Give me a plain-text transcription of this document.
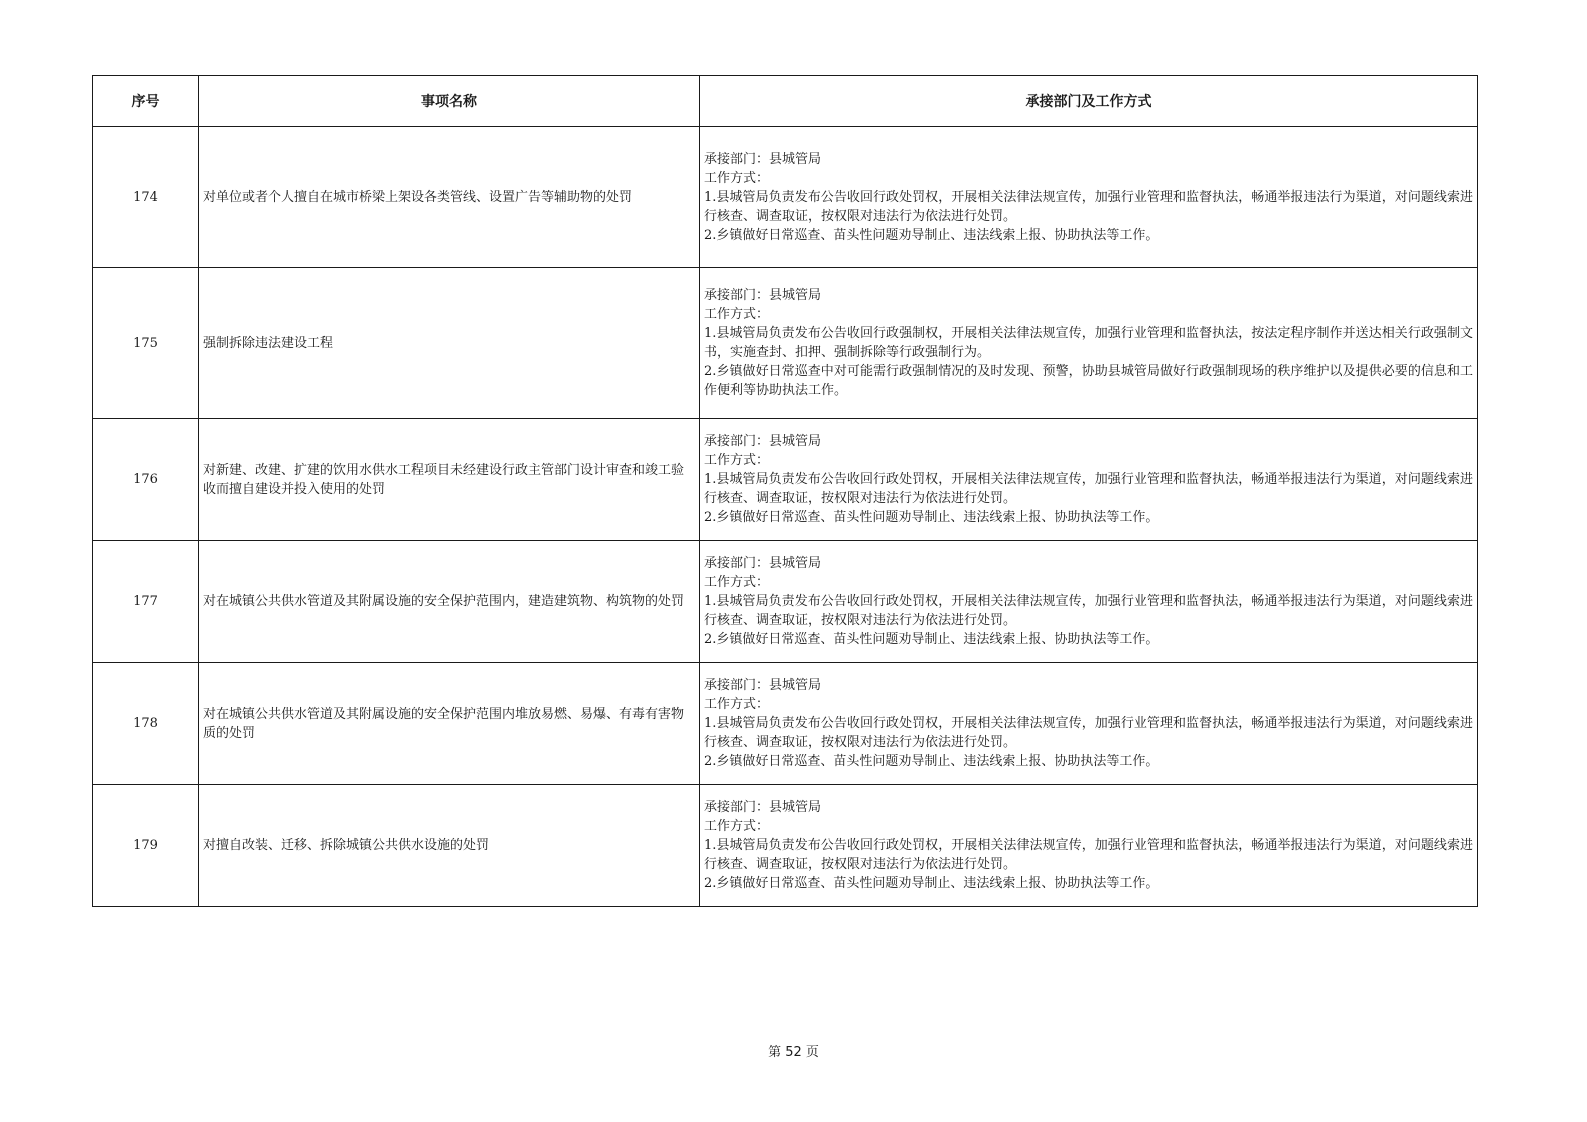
序号	事项名称	承接部门及工作方式
174	对单位或者个人擅自在城市桥梁上架设各类管线、设置广告等辅助物的处罚	承接部门：县城管局
工作方式：
1.县城管局负责发布公告收回行政处罚权，开展相关法律法规宣传，加强行业管理和监督执法，畅通举报违法行为渠道，对问题线索进行核查、调查取证，按权限对违法行为依法进行处罚。
2.乡镇做好日常巡查、苗头性问题劝导制止、违法线索上报、协助执法等工作。

175	强制拆除违法建设工程	承接部门：县城管局
工作方式：
1.县城管局负责发布公告收回行政强制权，开展相关法律法规宣传，加强行业管理和监督执法，按法定程序制作并送达相关行政强制文书，实施查封、扣押、强制拆除等行政强制行为。
2.乡镇做好日常巡查中对可能需行政强制情况的及时发现、预警，协助县城管局做好行政强制现场的秩序维护以及提供必要的信息和工作便利等协助执法工作。

176	对新建、改建、扩建的饮用水供水工程项目未经建设行政主管部门设计审查和竣工验收而擅自建设并投入使用的处罚	承接部门：县城管局
工作方式：
1.县城管局负责发布公告收回行政处罚权，开展相关法律法规宣传，加强行业管理和监督执法，畅通举报违法行为渠道，对问题线索进行核查、调查取证，按权限对违法行为依法进行处罚。
2.乡镇做好日常巡查、苗头性问题劝导制止、违法线索上报、协助执法等工作。

177	对在城镇公共供水管道及其附属设施的安全保护范围内，建造建筑物、构筑物的处罚	承接部门：县城管局
工作方式：
1.县城管局负责发布公告收回行政处罚权，开展相关法律法规宣传，加强行业管理和监督执法，畅通举报违法行为渠道，对问题线索进行核查、调查取证，按权限对违法行为依法进行处罚。
2.乡镇做好日常巡查、苗头性问题劝导制止、违法线索上报、协助执法等工作。

178	对在城镇公共供水管道及其附属设施的安全保护范围内堆放易燃、易爆、有毒有害物质的处罚	承接部门：县城管局
工作方式：
1.县城管局负责发布公告收回行政处罚权，开展相关法律法规宣传，加强行业管理和监督执法，畅通举报违法行为渠道，对问题线索进行核查、调查取证，按权限对违法行为依法进行处罚。
2.乡镇做好日常巡查、苗头性问题劝导制止、违法线索上报、协助执法等工作。

179	对擅自改装、迁移、拆除城镇公共供水设施的处罚	承接部门：县城管局
工作方式：
1.县城管局负责发布公告收回行政处罚权，开展相关法律法规宣传，加强行业管理和监督执法，畅通举报违法行为渠道，对问题线索进行核查、调查取证，按权限对违法行为依法进行处罚。
2.乡镇做好日常巡查、苗头性问题劝导制止、违法线索上报、协助执法等工作。
第 52 页
